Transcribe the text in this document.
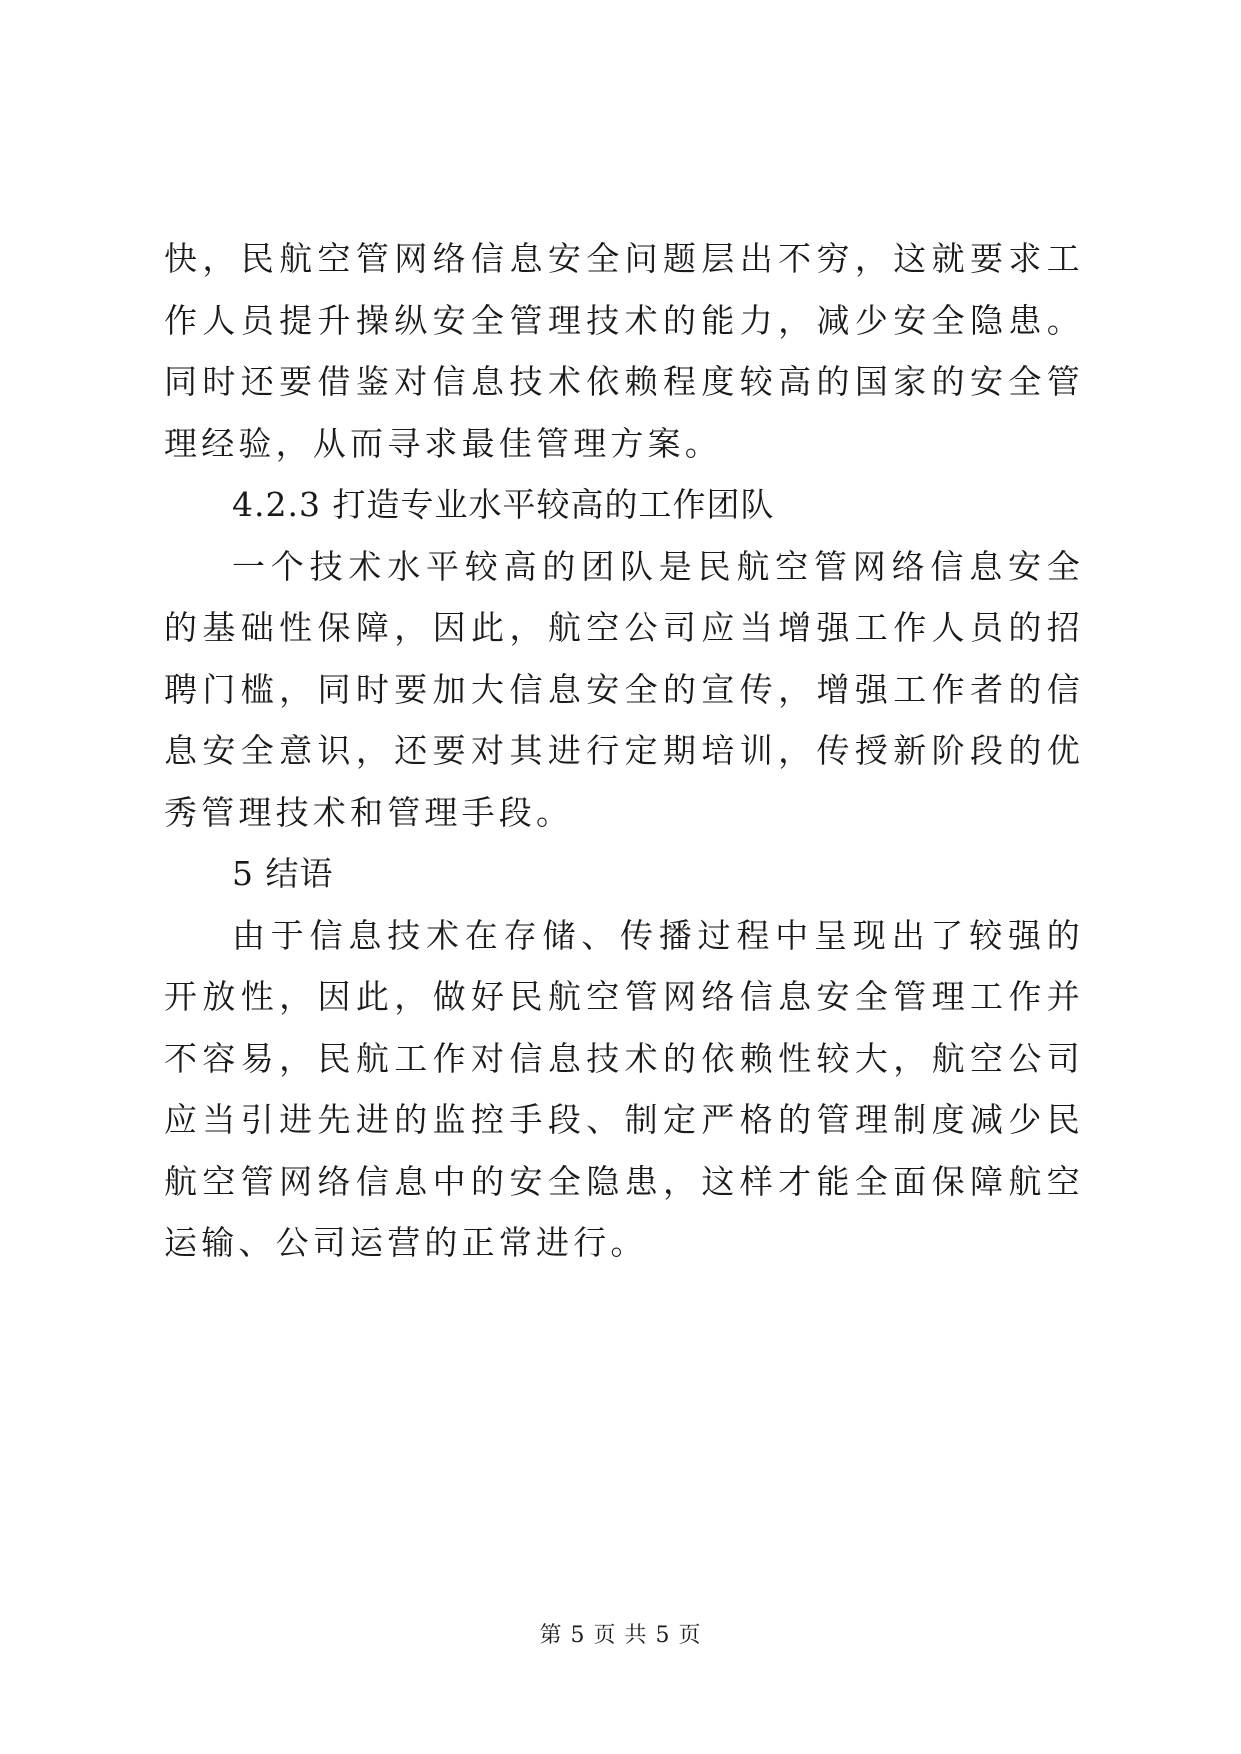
快，民航空管网络信息安全问题层出不穷，这就要求工作人员提升操纵安全管理技术的能力，减少安全隐患。同时还要借鉴对信息技术依赖程度较高的国家的安全管理经验，从而寻求最佳管理方案。

4.2.3 打造专业水平较高的工作团队

一个技术水平较高的团队是民航空管网络信息安全的基础性保障，因此，航空公司应当增强工作人员的招聘门槛，同时要加大信息安全的宣传，增强工作者的信息安全意识，还要对其进行定期培训，传授新阶段的优秀管理技术和管理手段。

5 结语

由于信息技术在存储、传播过程中呈现出了较强的开放性，因此，做好民航空管网络信息安全管理工作并不容易，民航工作对信息技术的依赖性较大，航空公司应当引进先进的监控手段、制定严格的管理制度减少民航空管网络信息中的安全隐患，这样才能全面保障航空运输、公司运营的正常进行。

第 5 页 共 5 页
